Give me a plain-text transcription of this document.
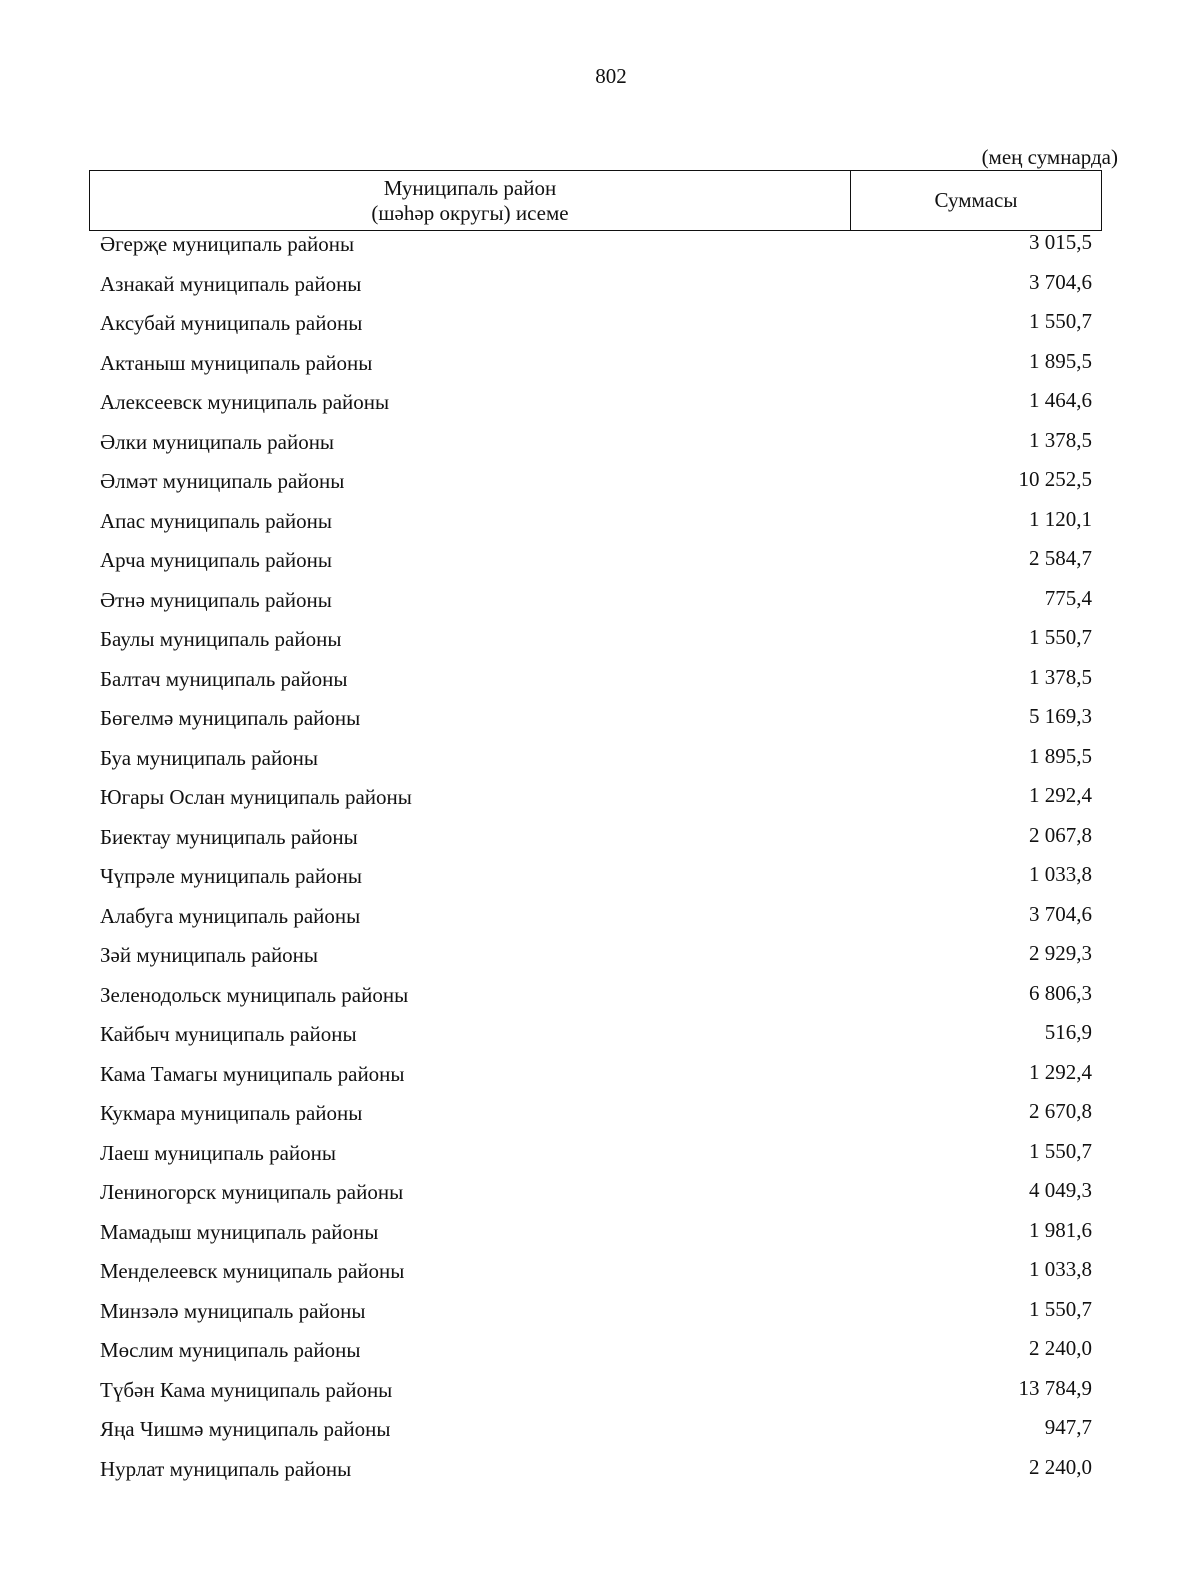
802
(мең сумнарда)
Муниципаль район
(шәһәр округы) исеме
Суммасы
Әгерҗе муниципаль районы	3 015,5
Азнакай муниципаль районы	3 704,6
Аксубай муниципаль районы	1 550,7
Актаныш муниципаль районы	1 895,5
Алексеевск муниципаль районы	1 464,6
Әлки муниципаль районы	1 378,5
Әлмәт муниципаль районы	10 252,5
Апас муниципаль районы	1 120,1
Арча муниципаль районы	2 584,7
Әтнә муниципаль районы	775,4
Баулы муниципаль районы	1 550,7
Балтач муниципаль районы	1 378,5
Бөгелмә муниципаль районы	5 169,3
Буа муниципаль районы	1 895,5
Югары Ослан муниципаль районы	1 292,4
Биектау муниципаль районы	2 067,8
Чүпрәле муниципаль районы	1 033,8
Алабуга муниципаль районы	3 704,6
Зәй муниципаль районы	2 929,3
Зеленодольск муниципаль районы	6 806,3
Кайбыч муниципаль районы	516,9
Кама Тамагы муниципаль районы	1 292,4
Кукмара муниципаль районы	2 670,8
Лаеш муниципаль районы	1 550,7
Лениногорск муниципаль районы	4 049,3
Мамадыш муниципаль районы	1 981,6
Менделеевск муниципаль районы	1 033,8
Минзәлә муниципаль районы	1 550,7
Мөслим муниципаль районы	2 240,0
Түбән Кама муниципаль районы	13 784,9
Яңа Чишмә муниципаль районы	947,7
Нурлат муниципаль районы	2 240,0
